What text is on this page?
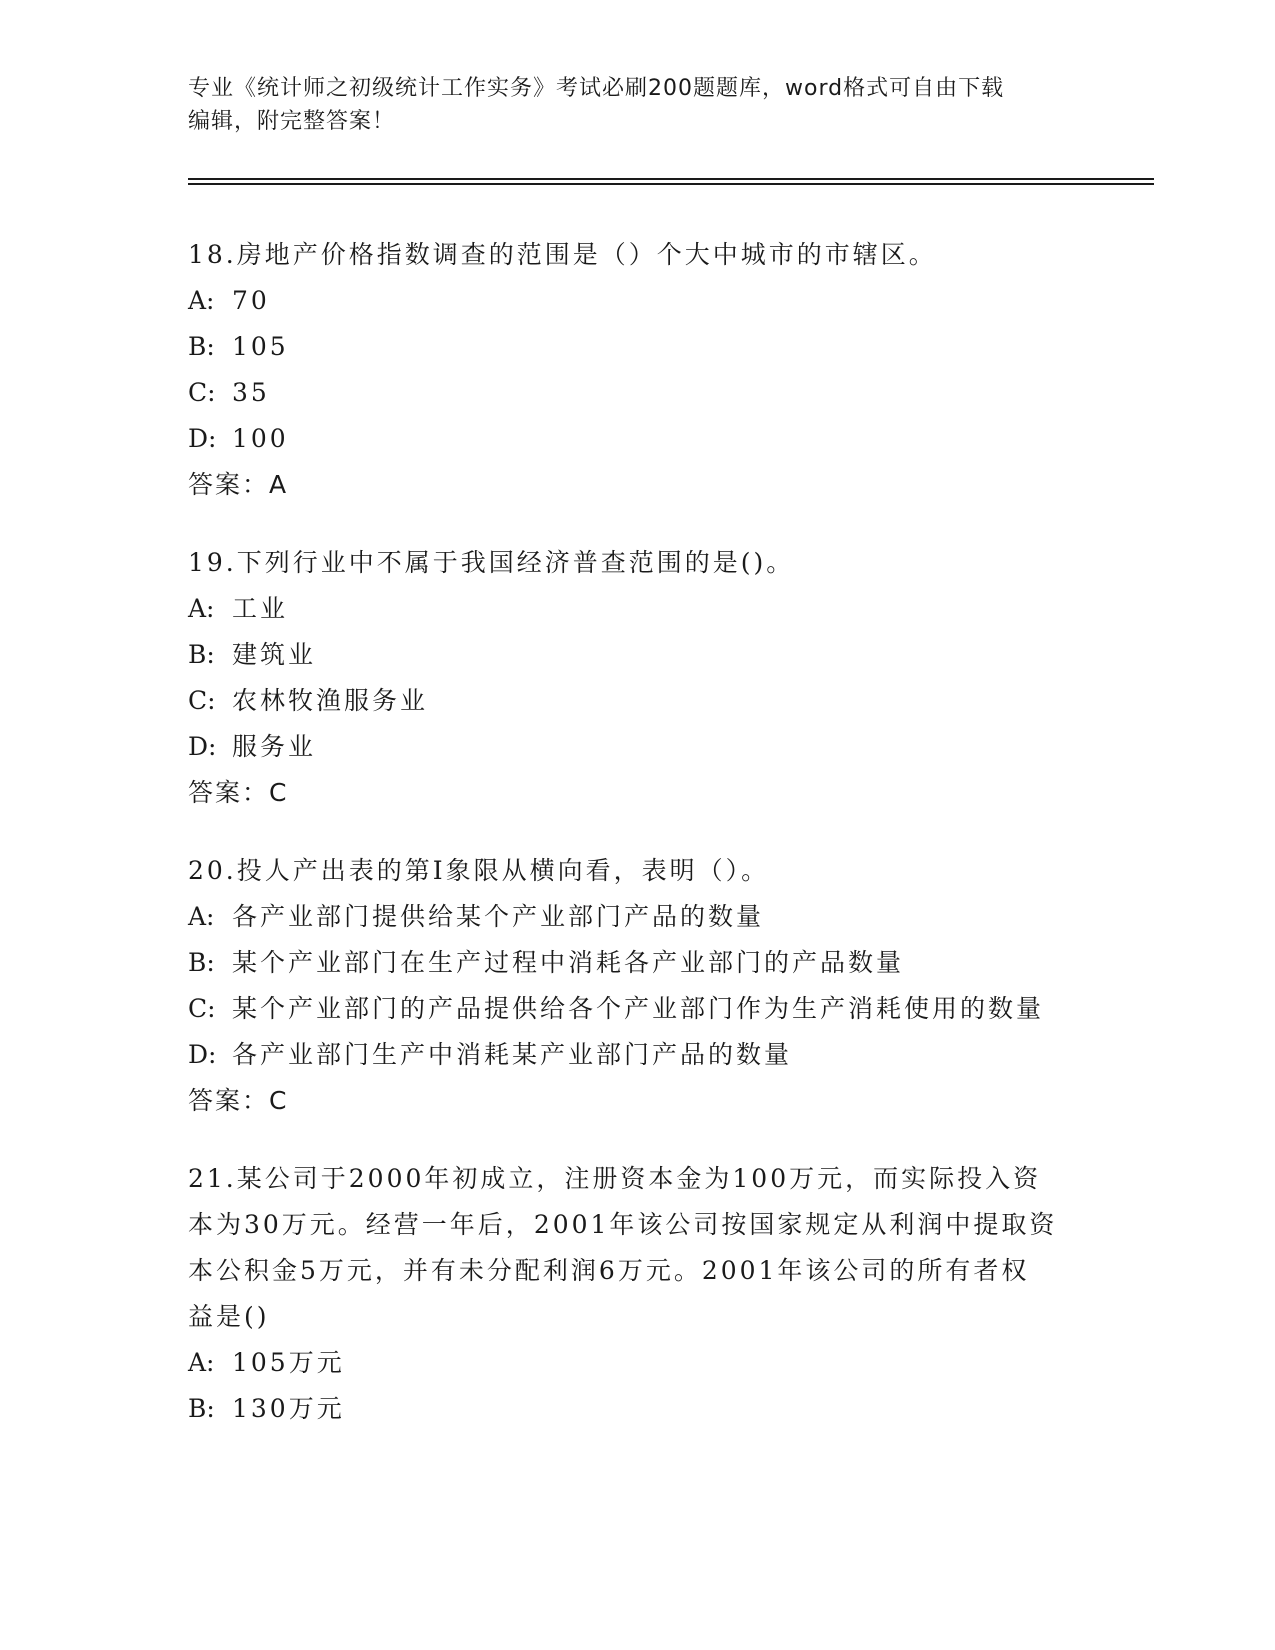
专业《统计师之初级统计工作实务》考试必刷200题题库，word格式可自由下载
编辑，附完整答案！
18.房地产价格指数调查的范围是（）个大中城市的市辖区。
A: 70
B: 105
C: 35
D: 100
答案：A
19.下列行业中不属于我国经济普查范围的是()。
A: 工业
B: 建筑业
C: 农林牧渔服务业
D: 服务业
答案：C
20.投人产出表的第Ⅰ象限从横向看，表明（）。
A: 各产业部门提供给某个产业部门产品的数量
B: 某个产业部门在生产过程中消耗各产业部门的产品数量
C: 某个产业部门的产品提供给各个产业部门作为生产消耗使用的数量
D: 各产业部门生产中消耗某产业部门产品的数量
答案：C
21.某公司于2000年初成立，注册资本金为100万元，而实际投入资
本为30万元。经营一年后，2001年该公司按国家规定从利润中提取资
本公积金5万元，并有未分配利润6万元。2001年该公司的所有者权
益是()
A: 105万元
B: 130万元
